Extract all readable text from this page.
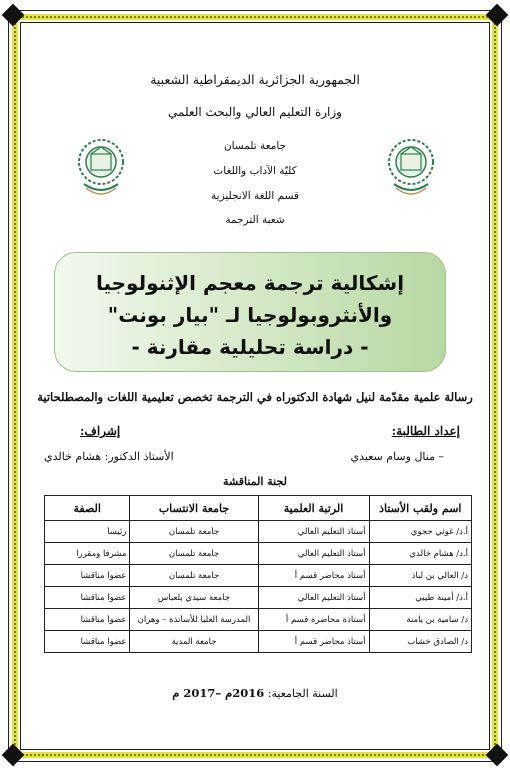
الجمهورية الجزائرية الديمقراطية الشعبية
وزارة التعليم العالي والبحث العلمي
جامعة تلمسان
كليّة الآداب واللغات
قسم اللغة الانجليزية
شعبة الترجمة
إشكالية ترجمة معجم الإثنولوجيا
والأنثروبولوجيا لـ "بيار بونت"
- دراسة تحليلية مقارنة -
رسالة علمية مقدّمة لنيل شهادة الدكتوراه في الترجمة تخصص تعليمية اللغات والمصطلحاتية
إعداد الطالبة:
– منال وسام سعيدي
إشراف:
الأستاذ الدكتور: هشام خالدي
لجنة المناقشة
اسم ولقب الأستاذ	الرتبة العلمية	جامعة الانتساب	الصفة
أ.د/ غوثي حجوي	أستاذ التعليم العالي	جامعة تلمسان	رئيسا
أ.د/ هشام خالدي	أستاذ التعليم العالي	جامعة تلمسان	مشرفا ومقررا
د/ العالي بن لباد	أستاذ محاضر قسم أ	جامعة تلمسان	عضوا مناقشا
أ.د/ أمينة طيبي	أستاذ التعليم العالي	جامعة سيدي بلعباس	عضوا مناقشا
د/ سامية بن يامنة	أستاذة محاضرة قسم أ	المدرسة العليا للأساتذة – وهران	عضوا مناقشا
د/ الصادق خشاب	أستاذ محاضر قسم أ	جامعة المدية	عضوا مناقشا
السنة الجامعية: 2016م –2017 م
